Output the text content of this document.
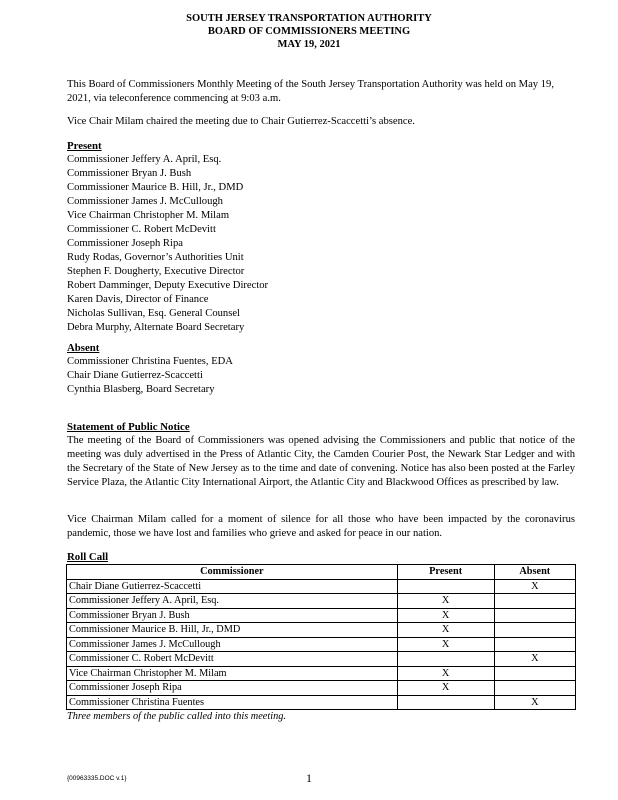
SOUTH JERSEY TRANSPORTATION AUTHORITY
BOARD OF COMMISSIONERS MEETING
MAY 19, 2021
This Board of Commissioners Monthly Meeting of the South Jersey Transportation Authority was held on May 19, 2021, via teleconference commencing at 9:03 a.m.
Vice Chair Milam chaired the meeting due to Chair Gutierrez-Scaccetti’s absence.
Present
Commissioner Jeffery A. April, Esq.
Commissioner Bryan J. Bush
Commissioner Maurice B. Hill, Jr., DMD
Commissioner James J. McCullough
Vice Chairman Christopher M. Milam
Commissioner C. Robert McDevitt
Commissioner Joseph Ripa
Rudy Rodas, Governor’s Authorities Unit
Stephen F. Dougherty, Executive Director
Robert Damminger, Deputy Executive Director
Karen Davis, Director of Finance
Nicholas Sullivan, Esq. General Counsel
Debra Murphy, Alternate Board Secretary
Absent
Commissioner Christina Fuentes, EDA
Chair Diane Gutierrez-Scaccetti
Cynthia Blasberg, Board Secretary
Statement of Public Notice
The meeting of the Board of Commissioners was opened advising the Commissioners and public that notice of the meeting was duly advertised in the Press of Atlantic City, the Camden Courier Post, the Newark Star Ledger and with the Secretary of the State of New Jersey as to the time and date of convening. Notice has also been posted at the Farley Service Plaza, the Atlantic City International Airport, the Atlantic City and Blackwood Offices as prescribed by law.
Vice Chairman Milam called for a moment of silence for all those who have been impacted by the coronavirus pandemic, those we have lost and families who grieve and asked for peace in our nation.
Roll Call
Commissioner	Present	Absent
Chair Diane Gutierrez-Scaccetti		X
Commissioner Jeffery A. April, Esq.	X	
Commissioner Bryan J. Bush	X	
Commissioner Maurice B. Hill, Jr., DMD	X	
Commissioner James J. McCullough	X	
Commissioner C. Robert McDevitt		X
Vice Chairman Christopher M. Milam	X	
Commissioner Joseph Ripa	X	
Commissioner Christina Fuentes		X
Three members of the public called into this meeting.
{00963335.DOC v.1}	1
